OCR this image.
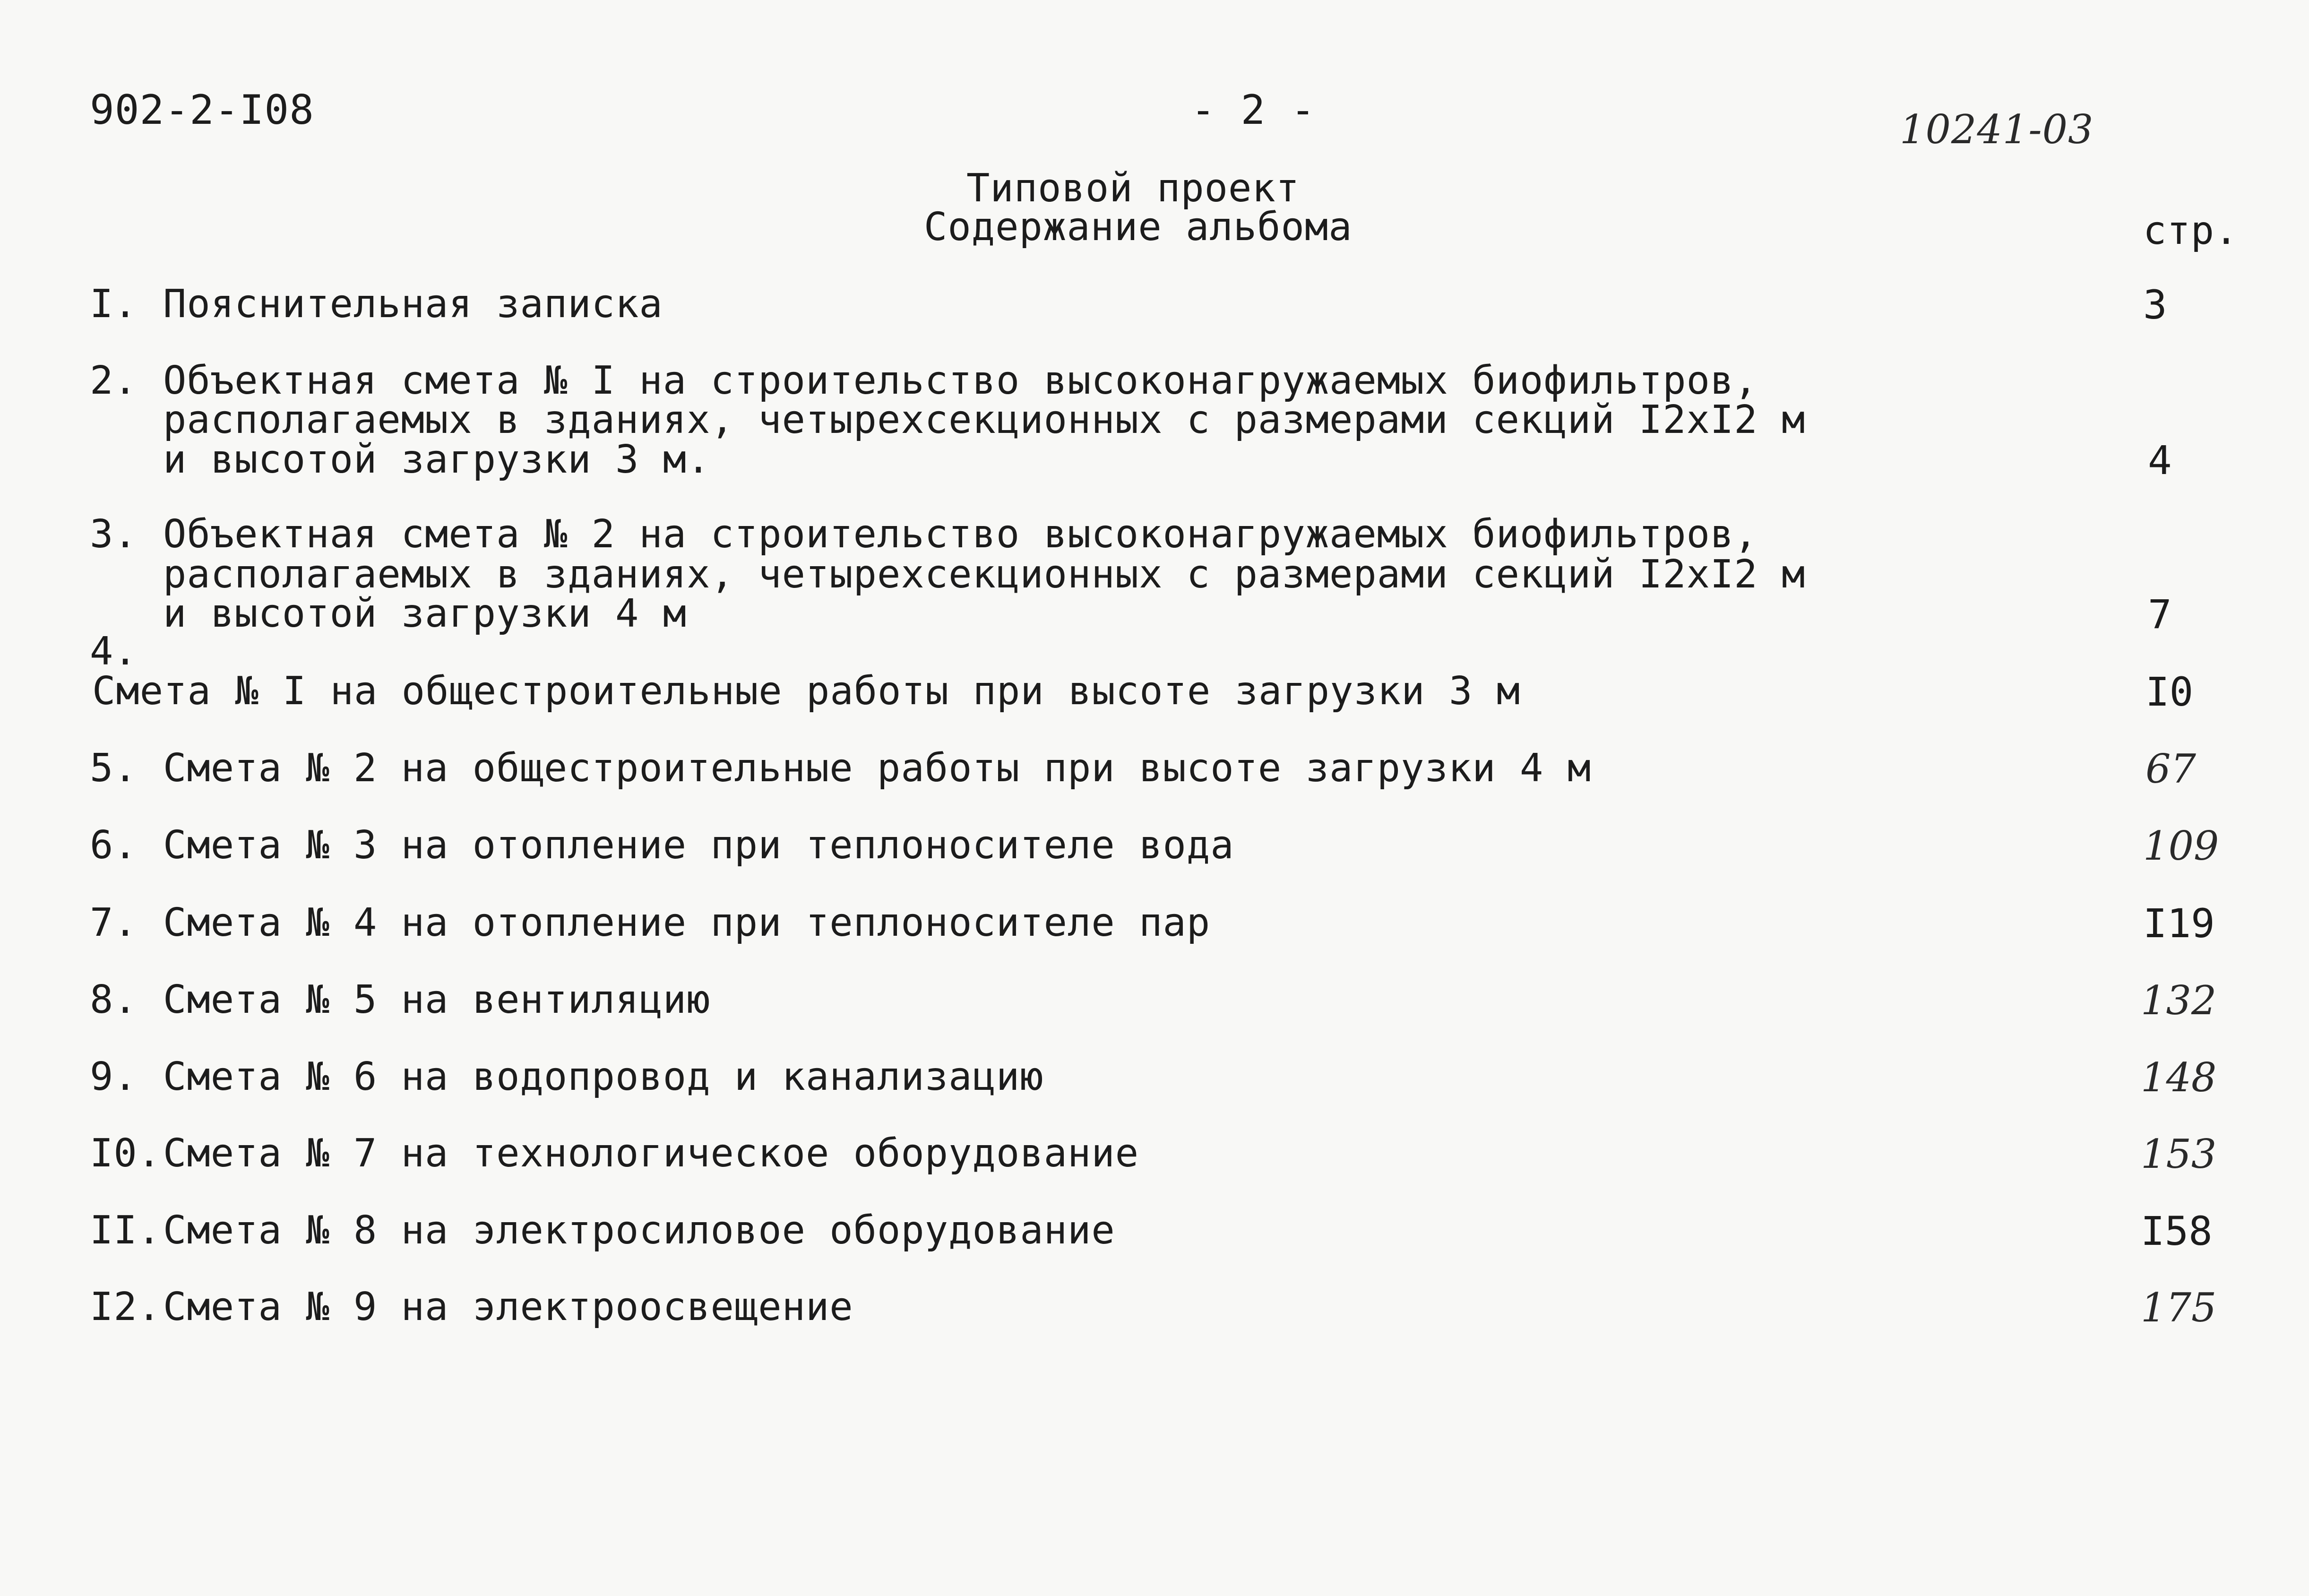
902-2-I08	- 2 -	10241-03
Типовой проект
Содержание альбома	стр.
I. Пояснительная записка	3
2. Объектная смета № I на строительство высоконагружаемых биофильтров,
располагаемых в зданиях, четырехсекционных с размерами секций I2xI2 м
и высотой загрузки 3 м.	4
3. Объектная смета № 2 на строительство высоконагружаемых биофильтров,
располагаемых в зданиях, четырехсекционных с размерами секций I2xI2 м
и высотой загрузки 4 м	7
4.
Смета № I на общестроительные работы при высоте загрузки 3 м	I0
5. Смета № 2 на общестроительные работы при высоте загрузки 4 м	67
6. Смета № 3 на отопление при теплоносителе вода	109
7. Смета № 4 на отопление при теплоносителе пар	I19
8. Смета № 5 на вентиляцию	132
9. Смета № 6 на водопровод и канализацию	148
I0. Смета № 7 на технологическое оборудование	153
II. Смета № 8 на электросиловое оборудование	I58
I2. Смета № 9 на электроосвещение	175
